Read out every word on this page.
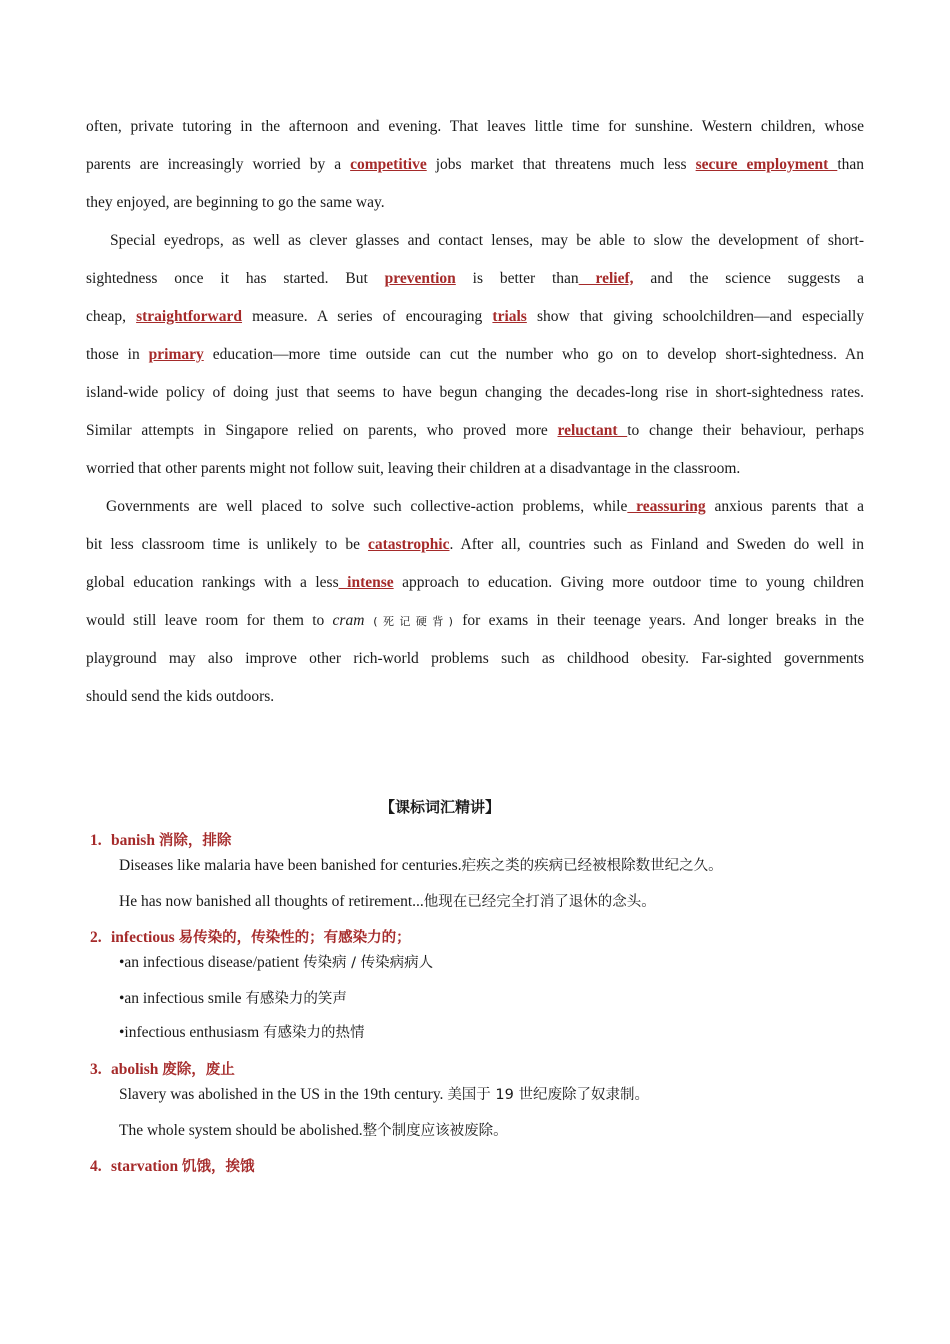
often, private tutoring in the afternoon and evening. That leaves little time for sunshine. Western children, whose
parents are increasingly worried by a competitive jobs market that threatens much less secure employment than
they enjoyed, are beginning to go the same way.
Special eyedrops, as well as clever glasses and contact lenses, may be able to slow the development of short-
sightedness once it has started. But prevention is better than relief, and the science suggests a
cheap, straightforward measure. A series of encouraging trials show that giving schoolchildren—and especially
those in primary education—more time outside can cut the number who go on to develop short-sightedness. An
island-wide policy of doing just that seems to have begun changing the decades-long rise in short-sightedness rates.
Similar attempts in Singapore relied on parents, who proved more reluctant to change their behaviour, perhaps
worried that other parents might not follow suit, leaving their children at a disadvantage in the classroom.
Governments are well placed to solve such collective-action problems, while reassuring anxious parents that a
bit less classroom time is unlikely to be catastrophic. After all, countries such as Finland and Sweden do well in
global education rankings with a less intense approach to education. Giving more outdoor time to young children
would still leave room for them to cram (死记硬背) for exams in their teenage years. And longer breaks in the
playground may also improve other rich-world problems such as childhood obesity. Far-sighted governments
should send the kids outdoors.
【课标词汇精讲】
1. banish 消除，排除
Diseases like malaria have been banished for centuries.疟疾之类的疾病已经被根除数世纪之久。
He has now banished all thoughts of retirement...他现在已经完全打消了退休的念头。
2. infectious 易传染的，传染性的；有感染力的；
•an infectious disease/patient 传染病 / 传染病病人
•an infectious smile 有感染力的笑声
•infectious enthusiasm 有感染力的热情
3. abolish 废除，废止
Slavery was abolished in the US in the 19th century. 美国于 19 世纪废除了奴隶制。
The whole system should be abolished.整个制度应该被废除。
4. starvation 饥饿，挨饿
